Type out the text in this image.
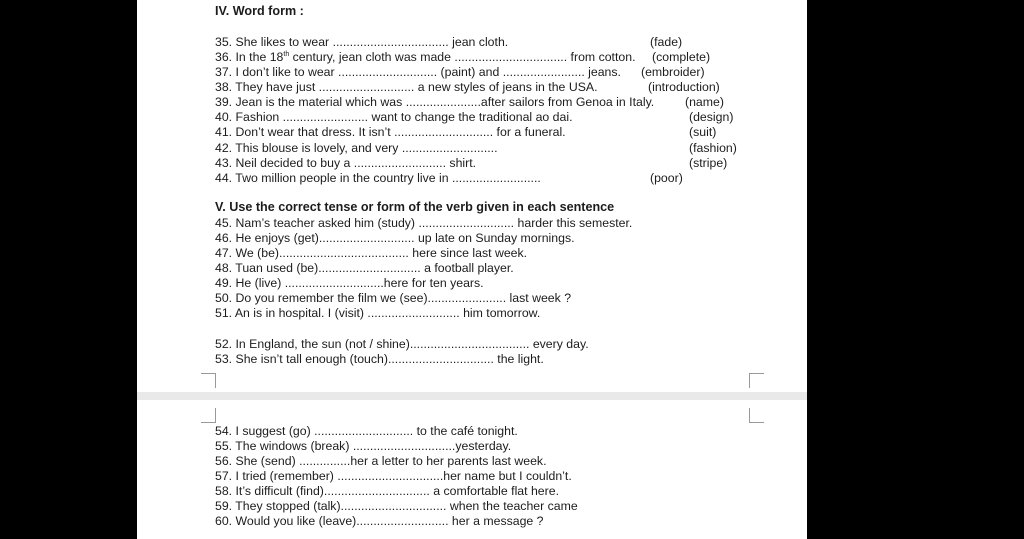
IV. Word form :
35. She likes to wear .................................. jean cloth.	(fade)
36. In the 18th century, jean cloth was made ................................. from cotton. (complete)
37. I don’t like to wear ............................. (paint) and ........................ jeans. (embroider)
38. They have just ............................ a new styles of jeans in the USA.	(introduction)
39. Jean is the material which was ......................after sailors from Genoa in Italy.	(name)
40. Fashion ......................... want to change the traditional ao dai.	(design)
41. Don’t wear that dress. It isn’t ............................. for a funeral.	(suit)
42. This blouse is lovely, and very ............................	(fashion)
43. Neil decided to buy a ........................... shirt.	(stripe)
44. Two million people in the country live in ..........................	(poor)
V. Use the correct tense or form of the verb given in each sentence
45. Nam’s teacher asked him (study) ............................ harder this semester.
46. He enjoys (get)............................ up late on Sunday mornings.
47. We (be)...................................... here since last week.
48. Tuan used (be).............................. a football player.
49. He (live) .............................here for ten years.
50. Do you remember the film we (see)....................... last week ?
51. An is in hospital. I (visit) ........................... him tomorrow.
52. In England, the sun (not / shine)................................... every day.
53. She isn’t tall enough (touch)............................... the light.
54. I suggest (go) ............................. to the café tonight.
55. The windows (break) ..............................yesterday.
56. She (send) ...............her a letter to her parents last week.
57. I tried (remember) ...............................her name but I couldn’t.
58. It’s difficult (find)............................... a comfortable flat here.
59. They stopped (talk)............................... when the teacher came
60. Would you like (leave)........................... her a message ?
